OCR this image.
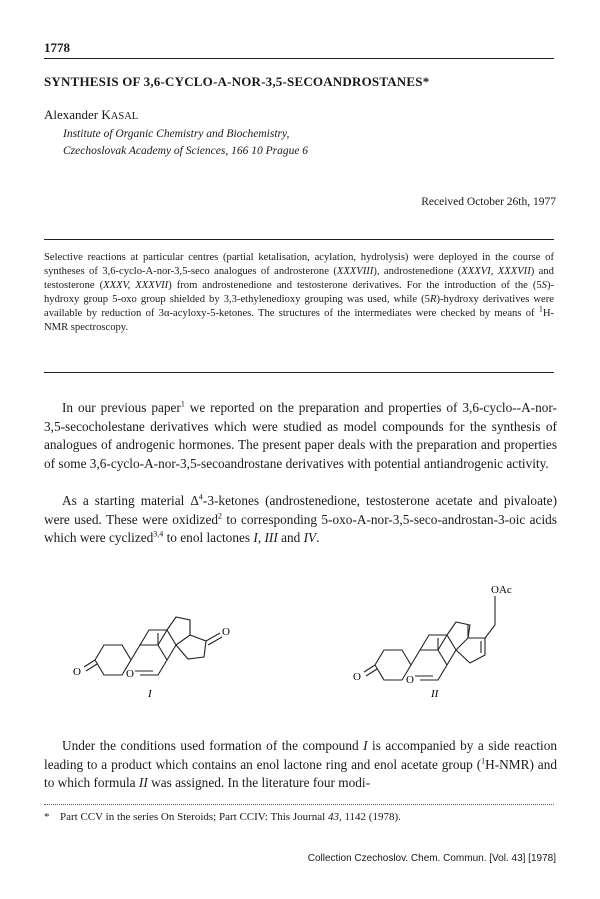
1778
SYNTHESIS OF 3,6-CYCLO-A-NOR-3,5-SECOANDROSTANES*
Alexander KASAL
Institute of Organic Chemistry and Biochemistry,
Czechoslovak Academy of Sciences, 166 10 Prague 6
Received October 26th, 1977
Selective reactions at particular centres (partial ketalisation, acylation, hydrolysis) were deployed in the course of syntheses of 3,6-cyclo-A-nor-3,5-seco analogues of androsterone (XXXVIII), androstenedione (XXXVI, XXXVII) and testosterone (XXXV, XXXVII) from androstenedione and testosterone derivatives. For the introduction of the (5S)-hydroxy group 5-oxo group shielded by 3,3-ethylenedioxy grouping was used, while (5R)-hydroxy derivatives were available by reduction of 3α-acyloxy-5-ketones. The structures of the intermediates were checked by means of $^1$H-NMR spectroscopy.
In our previous paper$^1$ we reported on the preparation and properties of 3,6-cyclo--A-nor-3,5-secocholestane derivatives which were studied as model compounds for the synthesis of analogues of androgenic hormones. The present paper deals with the preparation and properties of some 3,6-cyclo-A-nor-3,5-secoandrostane derivatives with potential antiandrogenic activity.
As a starting material $\Delta^4-3$-ketones (androstenedione, testosterone acetate and pivaloate) were used. These were oxidized$^2$ to corresponding 5-oxo-A-nor-3,5-seco-androstan-3-oic acids which were cyclized$^{3,4}$ to enol lactones I, III and IV.
O	O
O
I
O	O
OAc
II
Under the conditions used formation of the compound I is accompanied by a side reaction leading to a product which contains an enol lactone ring and enol acetate group ($^1$H-NMR) and to which formula II was assigned. In the literature four modi-
* Part CCV in the series On Steroids; Part CCIV: This Journal 43, 1142 (1978).
Collection Czechoslov. Chem. Commun. [Vol. 43] [1978]
